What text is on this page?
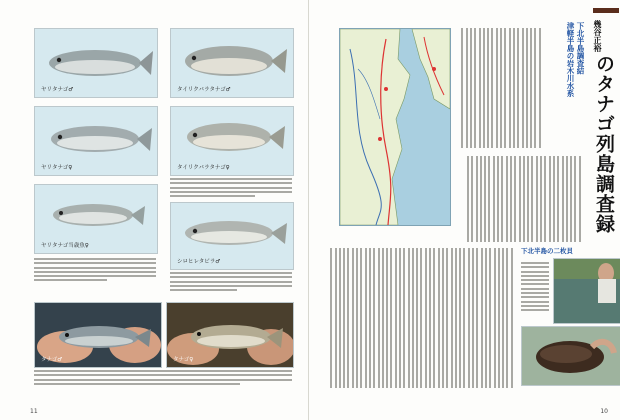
ヤリタナゴ♂	タイリクバラタナゴ♂
ヤリタナゴ♀	タイリクバラタナゴ♀
ヤリタナゴ当歳魚♀
シロヒレタビラ♂
タナゴ♂	タナゴ♀
11
幾谷正裕
のタナゴ列島調査録
津軽半島の岩木川水系 下北半島調査結
下北半島の二枚貝
10
